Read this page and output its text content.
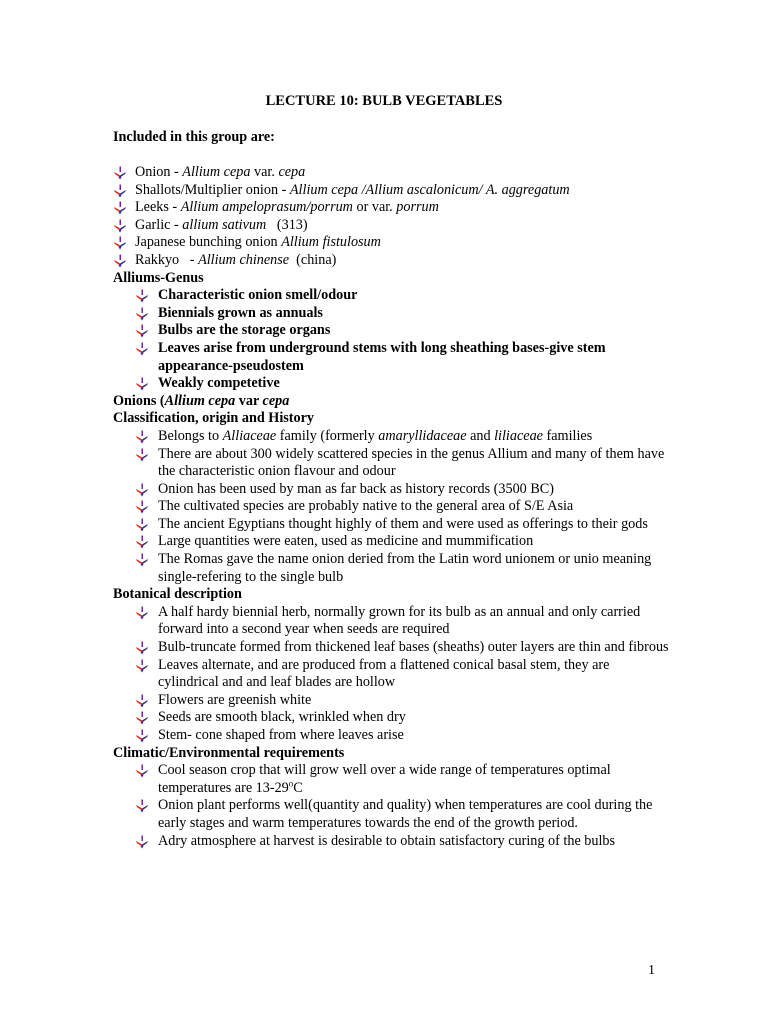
LECTURE 10: BULB VEGETABLES
Included in this group are:
Onion - Allium cepa var. cepa
Shallots/Multiplier onion - Allium cepa /Allium ascalonicum/ A. aggregatum
Leeks - Allium ampeloprasum/porrum or var. porrum
Garlic - allium sativum   (313)
Japanese bunching onion Allium fistulosum
Rakkyo   - Allium chinense  (china)
Alliums-Genus
Characteristic onion smell/odour
Biennials grown as annuals
Bulbs are the storage organs
Leaves arise from underground stems with long sheathing bases-give stem appearance-pseudostem
Weakly competetive
Onions (Allium cepa var cepa
Classification, origin and History
Belongs to Alliaceae family (formerly amaryllidaceae and liliaceae families
There are about 300 widely scattered species in the genus Allium and many of them have the characteristic onion flavour and odour
Onion has been used by man as far back as history records (3500 BC)
The cultivated species are probably native to the general area of S/E Asia
The ancient Egyptians thought highly of them and were used as offerings to their gods
Large quantities were eaten, used as medicine and mummification
The Romas gave the name onion deried from the Latin word unionem or unio meaning single-refering to the single bulb
Botanical description
A half hardy biennial herb, normally grown for its bulb as an annual and only carried forward into a second year when seeds are required
Bulb-truncate formed from thickened leaf bases (sheaths) outer layers are thin and fibrous
Leaves alternate, and are produced from a flattened conical basal stem, they are cylindrical and and leaf blades are hollow
Flowers are greenish white
Seeds are smooth black, wrinkled when dry
Stem- cone shaped from where leaves arise
Climatic/Environmental requirements
Cool season crop that will grow well over a wide range of temperatures optimal temperatures are 13-29$^o$C
Onion plant performs well(quantity and quality) when temperatures are cool during the early stages and warm temperatures towards the end of the growth period.
Adry atmosphere at harvest is desirable to obtain satisfactory curing of the bulbs
1
